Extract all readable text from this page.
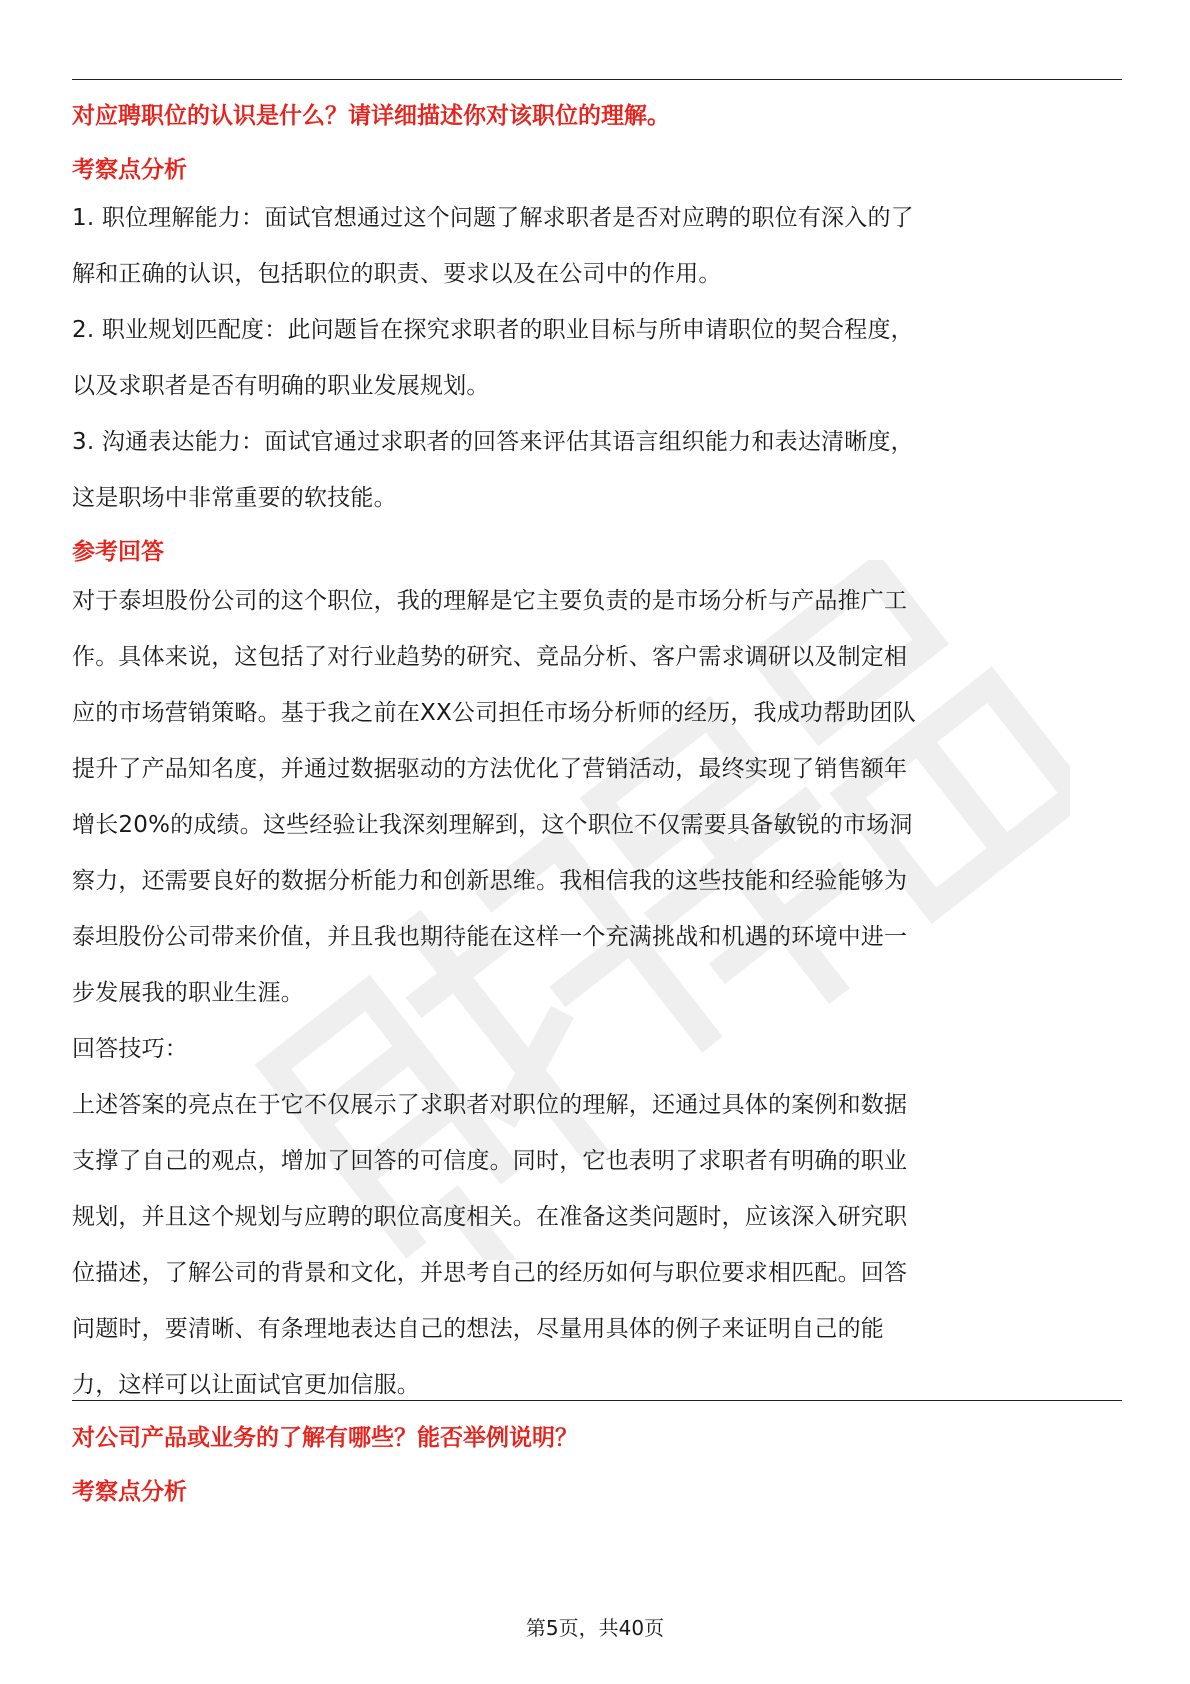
对应聘职位的认识是什么？请详细描述你对该职位的理解。
考察点分析
1. 职位理解能力：面试官想通过这个问题了解求职者是否对应聘的职位有深入的了
解和正确的认识，包括职位的职责、要求以及在公司中的作用。
2. 职业规划匹配度：此问题旨在探究求职者的职业目标与所申请职位的契合程度，
以及求职者是否有明确的职业发展规划。
3. 沟通表达能力：面试官通过求职者的回答来评估其语言组织能力和表达清晰度，
这是职场中非常重要的软技能。
参考回答
对于泰坦股份公司的这个职位，我的理解是它主要负责的是市场分析与产品推广工
作。具体来说，这包括了对行业趋势的研究、竞品分析、客户需求调研以及制定相
应的市场营销策略。基于我之前在XX公司担任市场分析师的经历，我成功帮助团队
提升了产品知名度，并通过数据驱动的方法优化了营销活动，最终实现了销售额年
增长20%的成绩。这些经验让我深刻理解到，这个职位不仅需要具备敏锐的市场洞
察力，还需要良好的数据分析能力和创新思维。我相信我的这些技能和经验能够为
泰坦股份公司带来价值，并且我也期待能在这样一个充满挑战和机遇的环境中进一
步发展我的职业生涯。
回答技巧：
上述答案的亮点在于它不仅展示了求职者对职位的理解，还通过具体的案例和数据
支撑了自己的观点，增加了回答的可信度。同时，它也表明了求职者有明确的职业
规划，并且这个规划与应聘的职位高度相关。在准备这类问题时，应该深入研究职
位描述，了解公司的背景和文化，并思考自己的经历如何与职位要求相匹配。回答
问题时，要清晰、有条理地表达自己的想法，尽量用具体的例子来证明自己的能
力，这样可以让面试官更加信服。
对公司产品或业务的了解有哪些？能否举例说明？
考察点分析
第5页，共40页
